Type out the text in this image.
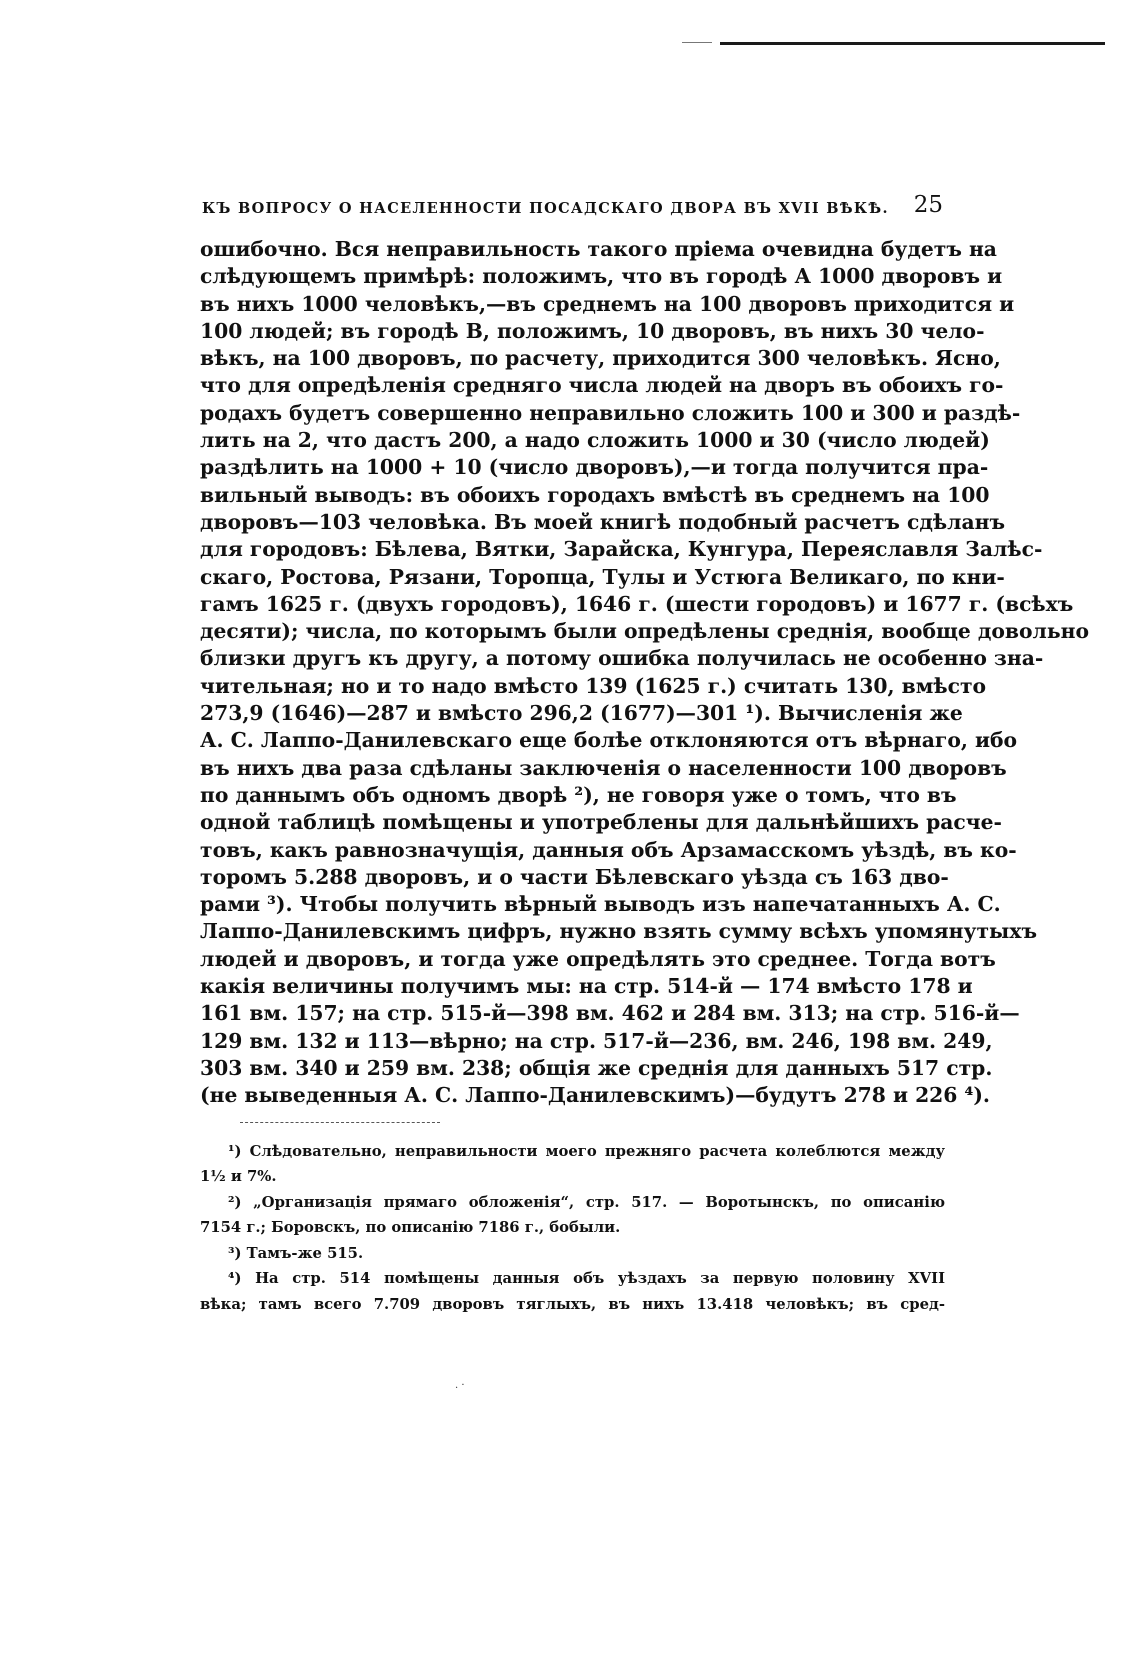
КЪ ВОПРОСУ О НАСЕЛЕННОСТИ ПОСАДСКАГО ДВОРА ВЪ XVII ВѢКѢ. 25
ошибочно. Вся неправильность такого пріема очевидна будетъ на
слѣдующемъ примѣрѣ: положимъ, что въ городѣ А 1000 дворовъ и
въ нихъ 1000 человѣкъ,—въ среднемъ на 100 дворовъ приходится и
100 людей; въ городѣ В, положимъ, 10 дворовъ, въ нихъ 30 чело-
вѣкъ, на 100 дворовъ, по расчету, приходится 300 человѣкъ. Ясно,
что для опредѣленія средняго числа людей на дворъ въ обоихъ го-
родахъ будетъ совершенно неправильно сложить 100 и 300 и раздѣ-
лить на 2, что дастъ 200, а надо сложить 1000 и 30 (число людей)
раздѣлить на 1000 + 10 (число дворовъ),—и тогда получится пра-
вильный выводъ: въ обоихъ городахъ вмѣстѣ въ среднемъ на 100
дворовъ—103 человѣка. Въ моей книгѣ подобный расчетъ сдѣланъ
для городовъ: Бѣлева, Вятки, Зарайска, Кунгура, Переяславля Залѣс-
скаго, Ростова, Рязани, Торопца, Тулы и Устюга Великаго, по кни-
гамъ 1625 г. (двухъ городовъ), 1646 г. (шести городовъ) и 1677 г. (всѣхъ
десяти); числа, по которымъ были опредѣлены среднія, вообще довольно
близки другъ къ другу, а потому ошибка получилась не особенно зна-
чительная; но и то надо вмѣсто 139 (1625 г.) считать 130, вмѣсто
273,9 (1646)—287 и вмѣсто 296,2 (1677)—301 ¹). Вычисленія же
А. С. Лаппо-Данилевскаго еще болѣе отклоняются отъ вѣрнаго, ибо
въ нихъ два раза сдѣланы заключенія о населенности 100 дворовъ
по даннымъ объ одномъ дворѣ ²), не говоря уже о томъ, что въ
одной таблицѣ помѣщены и употреблены для дальнѣйшихъ расче-
товъ, какъ равнозначущія, данныя объ Арзамасскомъ уѣздѣ, въ ко-
торомъ 5.288 дворовъ, и о части Бѣлевскаго уѣзда съ 163 дво-
рами ³). Чтобы получить вѣрный выводъ изъ напечатанныхъ А. С.
Лаппо-Данилевскимъ цифръ, нужно взять сумму всѣхъ упомянутыхъ
людей и дворовъ, и тогда уже опредѣлять это среднее. Тогда вотъ
какія величины получимъ мы: на стр. 514-й — 174 вмѣсто 178 и
161 вм. 157; на стр. 515-й—398 вм. 462 и 284 вм. 313; на стр. 516-й—
129 вм. 132 и 113—вѣрно; на стр. 517-й—236, вм. 246, 198 вм. 249,
303 вм. 340 и 259 вм. 238; общія же среднія для данныхъ 517 стр.
(не выведенныя А. С. Лаппо-Данилевскимъ)—будутъ 278 и 226 ⁴).
¹) Слѣдовательно, неправильности моего прежняго расчета колеблются между
1½ и 7%.
²) „Организація прямаго обложенія“, стр. 517. — Воротынскъ, по описанію
7154 г.; Боровскъ, по описанію 7186 г., бобыли.
³) Тамъ-же 515.
⁴) На стр. 514 помѣщены данныя объ уѣздахъ за первую половину XVII
вѣка; тамъ всего 7.709 дворовъ тяглыхъ, въ нихъ 13.418 человѣкъ; въ сред-
. ·
